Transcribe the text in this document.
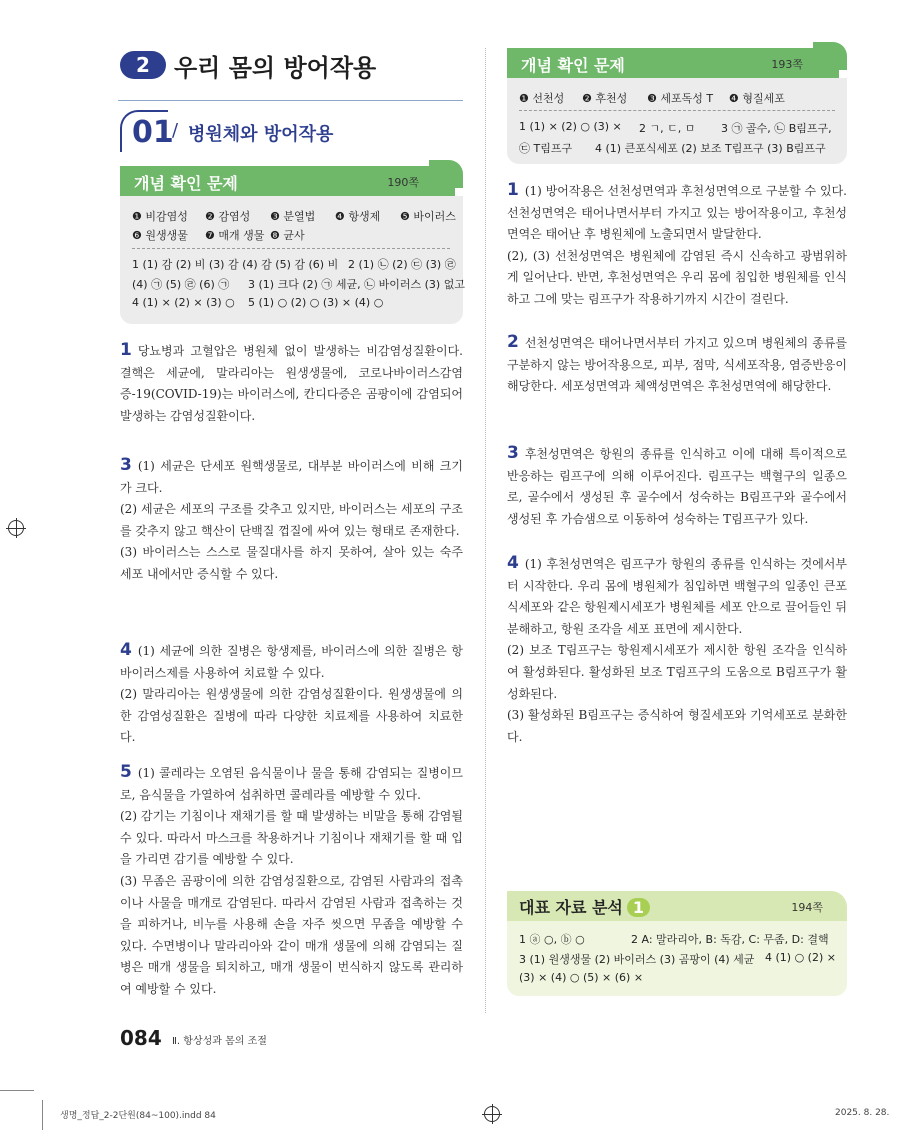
2	우리 몸의 방어작용
01
/ 병원체와 방어작용
개념 확인 문제	190쪽
❶ 비감염성 ❷ 감염성 ❸ 분열법 ❹ 항생제 ❺ 바이러스
❻ 원생생물 ❼ 매개 생물 ❽ 균사
1 (1) 감 (2) 비 (3) 감 (4) 감 (5) 감 (6) 비 2 (1) ㉡ (2) ㉢ (3) ㉣
(4) ㉠ (5) ㉣ (6) ㉠ 3 (1) 크다 (2) ㉠ 세균, ㉡ 바이러스 (3) 없고
4 (1) × (2) × (3) ○ 5 (1) ○ (2) ○ (3) × (4) ○

1 당뇨병과 고혈압은 병원체 없이 발생하는 비감염성질환이다. 결핵은 세균에, 말라리아는 원생생물에, 코로나바이러스감염증-19(COVID-19)는 바이러스에, 칸디다증은 곰팡이에 감염되어 발생하는 감염성질환이다.

3 (1) 세균은 단세포 원핵생물로, 대부분 바이러스에 비해 크기가 크다.

(2) 세균은 세포의 구조를 갖추고 있지만, 바이러스는 세포의 구조를 갖추지 않고 핵산이 단백질 껍질에 싸여 있는 형태로 존재한다.

(3) 바이러스는 스스로 물질대사를 하지 못하여, 살아 있는 숙주 세포 내에서만 증식할 수 있다.

4 (1) 세균에 의한 질병은 항생제를, 바이러스에 의한 질병은 항바이러스제를 사용하여 치료할 수 있다.

(2) 말라리아는 원생생물에 의한 감염성질환이다. 원생생물에 의한 감염성질환은 질병에 따라 다양한 치료제를 사용하여 치료한다.

5 (1) 콜레라는 오염된 음식물이나 물을 통해 감염되는 질병이므로, 음식물을 가열하여 섭취하면 콜레라를 예방할 수 있다.

(2) 감기는 기침이나 재채기를 할 때 발생하는 비말을 통해 감염될 수 있다. 따라서 마스크를 착용하거나 기침이나 재채기를 할 때 입을 가리면 감기를 예방할 수 있다.

(3) 무좀은 곰팡이에 의한 감염성질환으로, 감염된 사람과의 접촉이나 사물을 매개로 감염된다. 따라서 감염된 사람과 접촉하는 것을 피하거나, 비누를 사용해 손을 자주 씻으면 무좀을 예방할 수 있다. 수면병이나 말라리아와 같이 매개 생물에 의해 감염되는 질병은 매개 생물을 퇴치하고, 매개 생물이 번식하지 않도록 관리하여 예방할 수 있다.

개념 확인 문제	193쪽
❶ 선천성 ❷ 후천성 ❸ 세포독성 T ❹ 형질세포
1 (1) × (2) ○ (3) × 2 ㄱ, ㄷ, ㅁ 3 ㉠ 골수, ㉡ B림프구,
㉢ T림프구 4 (1) 큰포식세포 (2) 보조 T림프구 (3) B림프구

1 (1) 방어작용은 선천성면역과 후천성면역으로 구분할 수 있다. 선천성면역은 태어나면서부터 가지고 있는 방어작용이고, 후천성면역은 태어난 후 병원체에 노출되면서 발달한다.

(2), (3) 선천성면역은 병원체에 감염된 즉시 신속하고 광범위하게 일어난다. 반면, 후천성면역은 우리 몸에 침입한 병원체를 인식하고 그에 맞는 림프구가 작용하기까지 시간이 걸린다.

2 선천성면역은 태어나면서부터 가지고 있으며 병원체의 종류를 구분하지 않는 방어작용으로, 피부, 점막, 식세포작용, 염증반응이 해당한다. 세포성면역과 체액성면역은 후천성면역에 해당한다.

3 후천성면역은 항원의 종류를 인식하고 이에 대해 특이적으로 반응하는 림프구에 의해 이루어진다. 림프구는 백혈구의 일종으로, 골수에서 생성된 후 골수에서 성숙하는 B림프구와 골수에서 생성된 후 가슴샘으로 이동하여 성숙하는 T림프구가 있다.

4 (1) 후천성면역은 림프구가 항원의 종류를 인식하는 것에서부터 시작한다. 우리 몸에 병원체가 침입하면 백혈구의 일종인 큰포식세포와 같은 항원제시세포가 병원체를 세포 안으로 끌어들인 뒤 분해하고, 항원 조각을 세포 표면에 제시한다.

(2) 보조 T림프구는 항원제시세포가 제시한 항원 조각을 인식하여 활성화된다. 활성화된 보조 T림프구의 도움으로 B림프구가 활성화된다.

(3) 활성화된 B림프구는 증식하여 형질세포와 기억세포로 분화한다.

대표 자료 분석 1	194쪽
1 ⓐ ○, ⓑ ○	2 A: 말라리아, B: 독감, C: 무좀, D: 결핵
3 (1) 원생생물 (2) 바이러스 (3) 곰팡이 (4) 세균 4 (1) ○ (2) ×
(3) × (4) ○ (5) × (6) ×
084 Ⅱ. 항상성과 몸의 조절
생명_정답_2-2단원(84~100).indd 84	2025. 8. 28.
